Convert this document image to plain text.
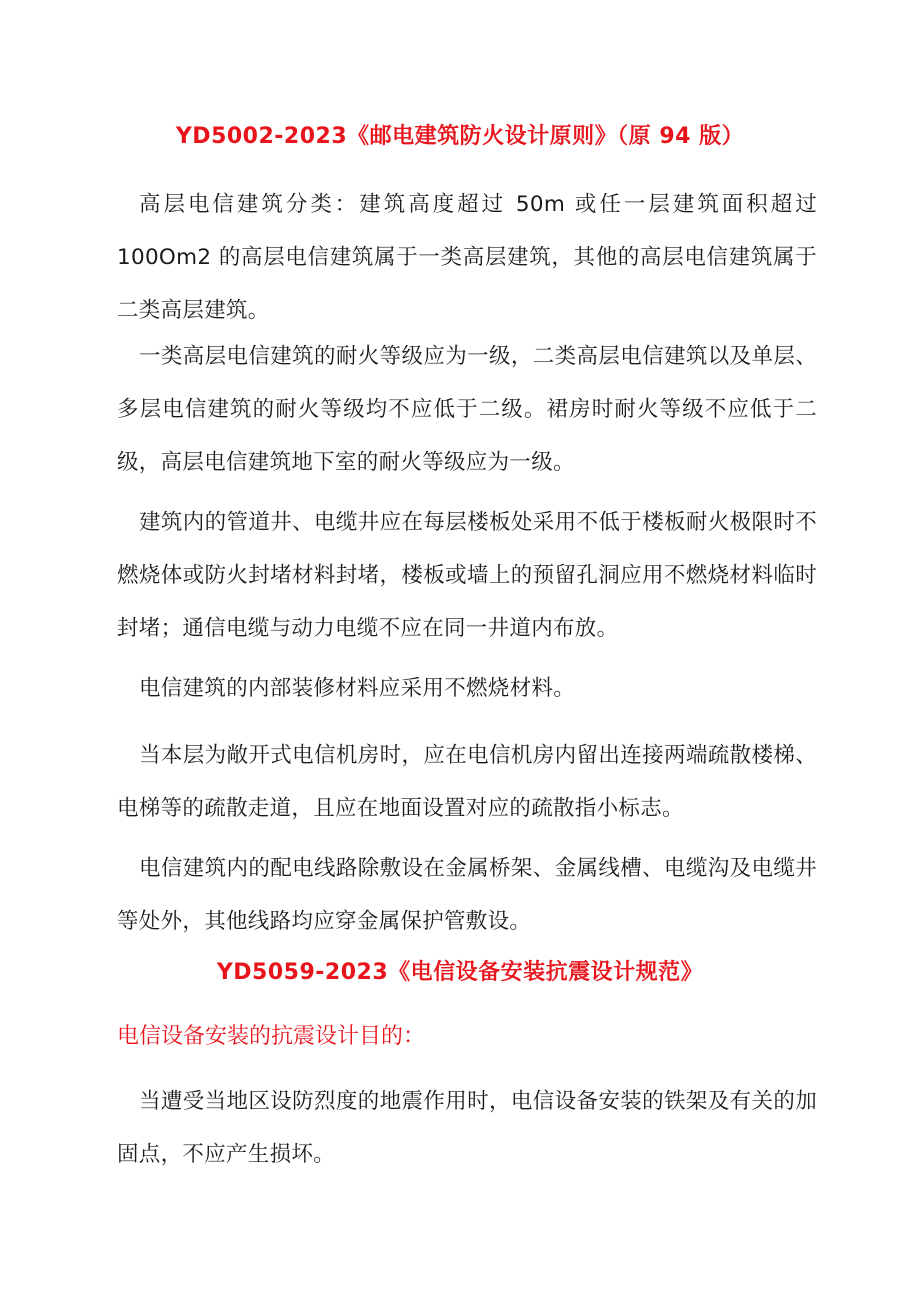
YD5002-2023《邮电建筑防火设计原则》（原 94 版）

高层电信建筑分类：建筑高度超过 50m 或任一层建筑面积超过 100Om2 的高层电信建筑属于一类高层建筑，其他的高层电信建筑属于二类高层建筑。

一类高层电信建筑的耐火等级应为一级，二类高层电信建筑以及单层、多层电信建筑的耐火等级均不应低于二级。裙房时耐火等级不应低于二级，高层电信建筑地下室的耐火等级应为一级。

建筑内的管道井、电缆井应在每层楼板处采用不低于楼板耐火极限时不燃烧体或防火封堵材料封堵，楼板或墙上的预留孔洞应用不燃烧材料临时封堵；通信电缆与动力电缆不应在同一井道内布放。

电信建筑的内部装修材料应采用不燃烧材料。

当本层为敞开式电信机房时，应在电信机房内留出连接两端疏散楼梯、电梯等的疏散走道，且应在地面设置对应的疏散指小标志。

电信建筑内的配电线路除敷设在金属桥架、金属线槽、电缆沟及电缆井等处外，其他线路均应穿金属保护管敷设。

YD5059-2023《电信设备安装抗震设计规范》
电信设备安装的抗震设计目的：

当遭受当地区设防烈度的地震作用时，电信设备安装的铁架及有关的加固点，不应产生损坏。
